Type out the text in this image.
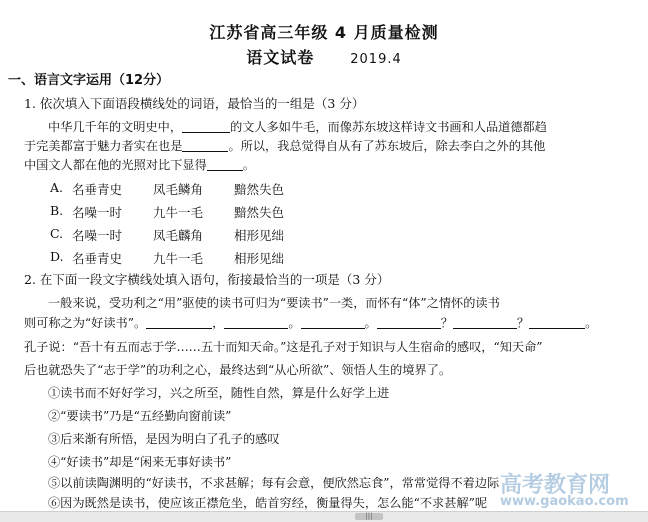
江苏省高三年级 4 月质量检测
语文试卷	2019.4
一、语言文字运用（12分）
1. 依次填入下面语段横线处的词语，最恰当的一组是（3 分）
中华几千年的文明史中，	的文人多如牛毛，而像苏东坡这样诗文书画和人品道德都趋
于完美都富于魅力者实在也是	。所以，我总觉得自从有了苏东坡后，除去李白之外的其他
中国文人都在他的光照对比下显得	。
A. 名垂青史 凤毛鳞角 黯然失色
B. 名噪一时 九牛一毛 黯然失色
C. 名噪一时 凤毛麟角 相形见绌
D. 名垂青史 九牛一毛 相形见绌
2. 在下面一段文字横线处填入语句，衔接最恰当的一项是（3 分）
一般来说，受功利之“用”驱使的读书可归为“要读书”一类，而怀有“体”之情怀的读书
则可称之为“好读书”。	，	。	。	？	？	。
孔子说：“吾十有五而志于学……五十而知天命。”这是孔子对于知识与人生宿命的感叹，“知天命”
后也就恐失了“志于学”的功利之心，最终达到“从心所欲”、领悟人生的境界了。
①读书而不好好学习，兴之所至，随性自然，算是什么好学上进
②“要读书”乃是“五经勤向窗前读”
③后来渐有所悟，是因为明白了孔子的感叹
④“好读书”却是“闲来无事好读书”
⑤以前读陶渊明的“好读书，不求甚解；每有会意，便欣然忘食”，常常觉得不着边际
⑥因为既然是读书，使应该正襟危坐，皓首穷经，衡量得失，怎么能“不求甚解”呢
高考教育网
www.gaokao.com
|||
